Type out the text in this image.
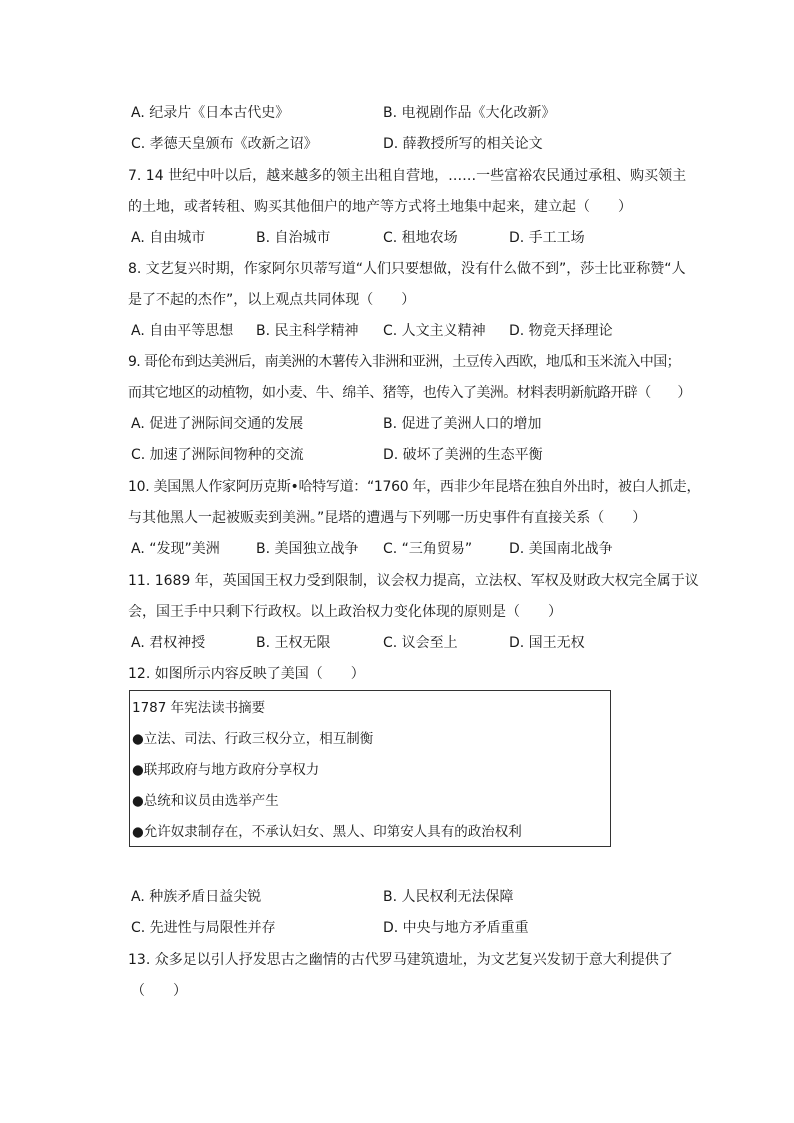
A. 纪录片《日本古代史》	B. 电视剧作品《大化改新》
C. 孝德天皇颁布《改新之诏》	D. 薛教授所写的相关论文
7. 14 世纪中叶以后，越来越多的领主出租自营地，……一些富裕农民通过承租、购买领主
的土地，或者转租、购买其他佃户的地产等方式将土地集中起来，建立起（　　）
A. 自由城市	B. 自治城市	C. 租地农场	D. 手工工场
8. 文艺复兴时期，作家阿尔贝蒂写道“人们只要想做，没有什么做不到”，莎士比亚称赞“人
是了不起的杰作”，以上观点共同体现（　　）
A. 自由平等思想 B. 民主科学精神 C. 人文主义精神 D. 物竞天择理论
9. 哥伦布到达美洲后，南美洲的木薯传入非洲和亚洲，土豆传入西欧，地瓜和玉米流入中国；
而其它地区的动植物，如小麦、牛、绵羊、猪等，也传入了美洲。材料表明新航路开辟（　　）
A. 促进了洲际间交通的发展	B. 促进了美洲人口的增加
C. 加速了洲际间物种的交流	D. 破坏了美洲的生态平衡
10. 美国黑人作家阿历克斯•哈特写道：“1760 年，西非少年昆塔在独自外出时，被白人抓走，
与其他黑人一起被贩卖到美洲。”昆塔的遭遇与下列哪一历史事件有直接关系（　　）
A. “发现”美洲	B. 美国独立战争 C. “三角贸易”	D. 美国南北战争
11. 1689 年，英国国王权力受到限制，议会权力提高，立法权、军权及财政大权完全属于议
会，国王手中只剩下行政权。以上政治权力变化体现的原则是（　　）
A. 君权神授	B. 王权无限	C. 议会至上	D. 国王无权
12. 如图所示内容反映了美国（　　）
1787 年宪法读书摘要
●立法、司法、行政三权分立，相互制衡
●联邦政府与地方政府分享权力
●总统和议员由选举产生
●允许奴隶制存在，不承认妇女、黑人、印第安人具有的政治权利
A. 种族矛盾日益尖锐	B. 人民权利无法保障
C. 先进性与局限性并存	D. 中央与地方矛盾重重
13. 众多足以引人抒发思古之幽情的古代罗马建筑遗址，为文艺复兴发韧于意大利提供了
（　　）
